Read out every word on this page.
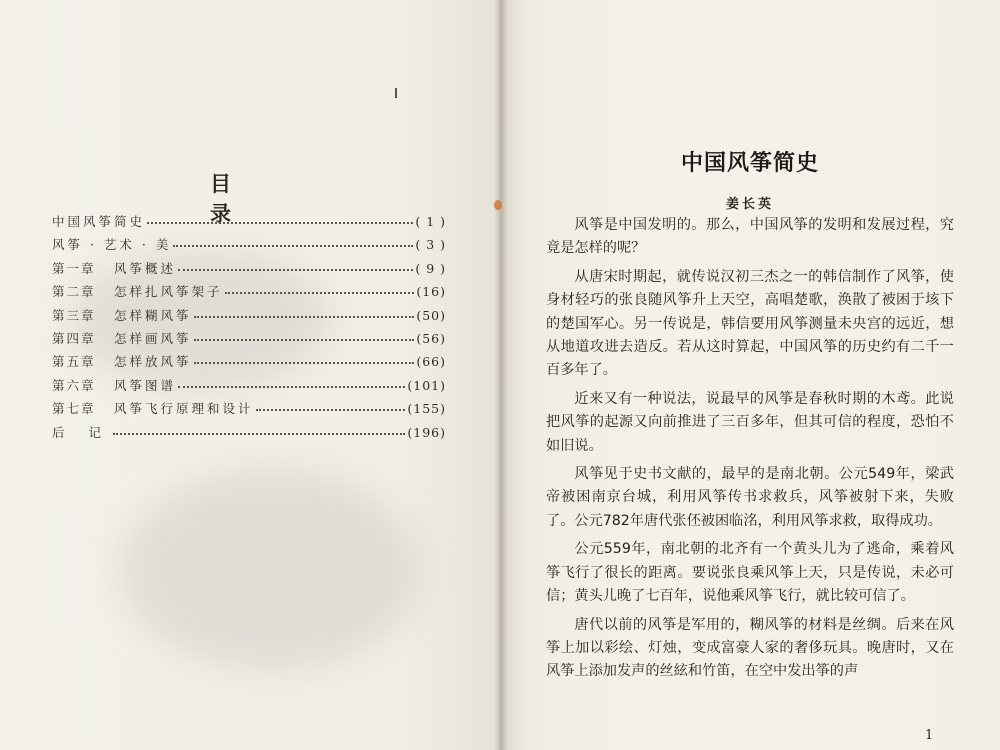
目 录
中国风筝简史	( 1 )
风筝 · 艺术 · 美	( 3 )
第一章	风筝概述	( 9 )
第二章	怎样扎风筝架子	(16)
第三章	怎样糊风筝	(50)
第四章	怎样画风筝	(56)
第五章	怎样放风筝	(66)
第六章	风筝图谱	(101)
第七章	风筝飞行原理和设计	(155)
后 记	(196)
中国风筝简史
姜长英

风筝是中国发明的。那么，中国风筝的发明和发展过程，究竟是怎样的呢？

从唐宋时期起，就传说汉初三杰之一的韩信制作了风筝，使身材轻巧的张良随风筝升上天空，高唱楚歌，涣散了被困于垓下的楚国军心。另一传说是，韩信要用风筝测量未央宫的远近，想从地道攻进去造反。若从这时算起，中国风筝的历史约有二千一百多年了。

近来又有一种说法，说最早的风筝是春秋时期的木鸢。此说把风筝的起源又向前推进了三百多年，但其可信的程度，恐怕不如旧说。

风筝见于史书文献的，最早的是南北朝。公元549年，梁武帝被困南京台城，利用风筝传书求救兵，风筝被射下来，失败了。公元782年唐代张伾被困临洺，利用风筝求救，取得成功。

公元559年，南北朝的北齐有一个黄头儿为了逃命，乘着风筝飞行了很长的距离。要说张良乘风筝上天，只是传说，未必可信；黄头儿晚了七百年，说他乘风筝飞行，就比较可信了。

唐代以前的风筝是军用的，糊风筝的材料是丝绸。后来在风筝上加以彩绘、灯烛，变成富豪人家的奢侈玩具。晚唐时，又在风筝上添加发声的丝絃和竹笛，在空中发出筝的声

1
